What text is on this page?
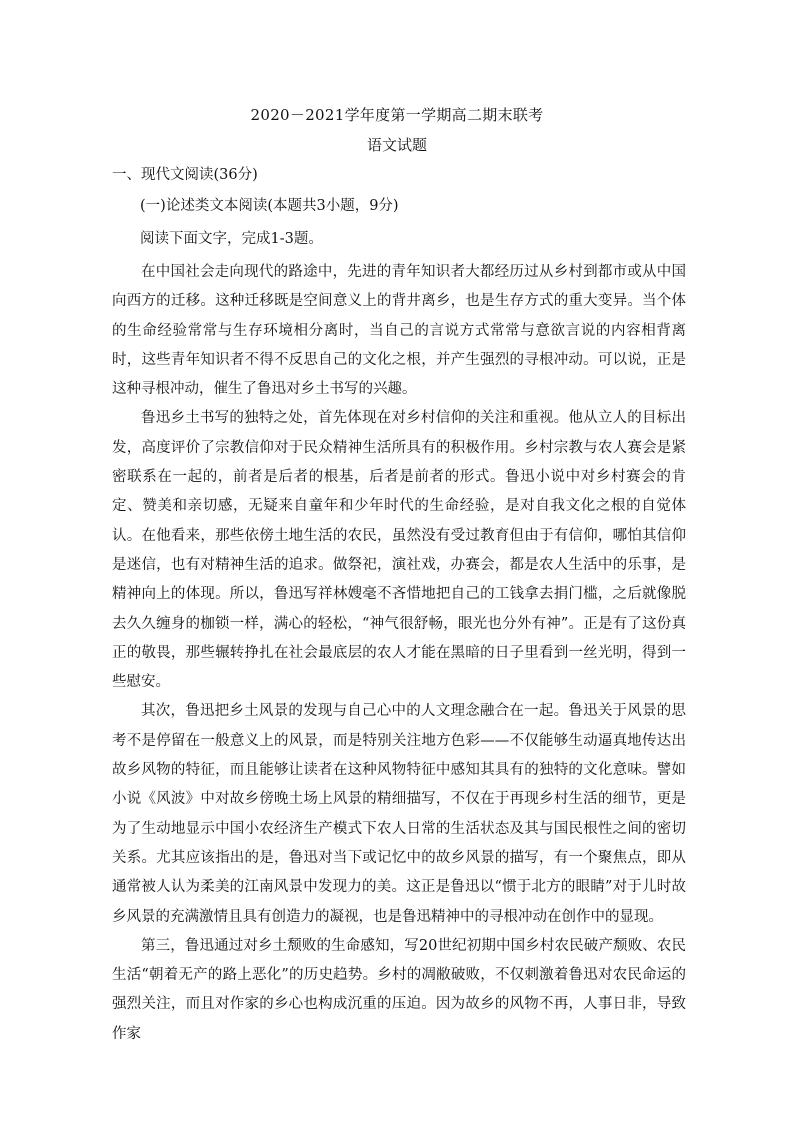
2020－2021学年度第一学期高二期末联考
语文试题
一、现代文阅读(36分)
(一)论述类文本阅读(本题共3小题，9分)
阅读下面文字，完成1-3题。

在中国社会走向现代的路途中，先进的青年知识者大都经历过从乡村到都市或从中国向西方的迁移。这种迁移既是空间意义上的背井离乡，也是生存方式的重大变异。当个体的生命经验常常与生存环境相分离时，当自己的言说方式常常与意欲言说的内容相背离时，这些青年知识者不得不反思自己的文化之根，并产生强烈的寻根冲动。可以说，正是这种寻根冲动，催生了鲁迅对乡土书写的兴趣。

鲁迅乡土书写的独特之处，首先体现在对乡村信仰的关注和重视。他从立人的目标出发，高度评价了宗教信仰对于民众精神生活所具有的积极作用。乡村宗教与农人赛会是紧密联系在一起的，前者是后者的根基，后者是前者的形式。鲁迅小说中对乡村赛会的肯定、赞美和亲切感，无疑来自童年和少年时代的生命经验，是对自我文化之根的自觉体认。在他看来，那些依傍土地生活的农民，虽然没有受过教育但由于有信仰，哪怕其信仰是迷信，也有对精神生活的追求。做祭祀，演社戏，办赛会，都是农人生活中的乐事，是精神向上的体现。所以，鲁迅写祥林嫂毫不吝惜地把自己的工钱拿去捐门槛，之后就像脱去久久缠身的枷锁一样，满心的轻松，“神气很舒畅，眼光也分外有神”。正是有了这份真正的敬畏，那些辗转挣扎在社会最底层的农人才能在黑暗的日子里看到一丝光明，得到一些慰安。

其次，鲁迅把乡土风景的发现与自己心中的人文理念融合在一起。鲁迅关于风景的思考不是停留在一般意义上的风景，而是特别关注地方色彩——不仅能够生动逼真地传达出故乡风物的特征，而且能够让读者在这种风物特征中感知其具有的独特的文化意味。譬如小说《风波》中对故乡傍晚土场上风景的精细描写，不仅在于再现乡村生活的细节，更是为了生动地显示中国小农经济生产模式下农人日常的生活状态及其与国民根性之间的密切关系。尤其应该指出的是，鲁迅对当下或记忆中的故乡风景的描写，有一个聚焦点，即从通常被人认为柔美的江南风景中发现力的美。这正是鲁迅以“惯于北方的眼睛”对于儿时故乡风景的充满激情且具有创造力的凝视，也是鲁迅精神中的寻根冲动在创作中的显现。

第三，鲁迅通过对乡土颓败的生命感知，写20世纪初期中国乡村农民破产颓败、农民生活“朝着无产的路上恶化”的历史趋势。乡村的凋敝破败，不仅刺激着鲁迅对农民命运的强烈关注，而且对作家的乡心也构成沉重的压迫。因为故乡的风物不再，人事日非，导致作家
